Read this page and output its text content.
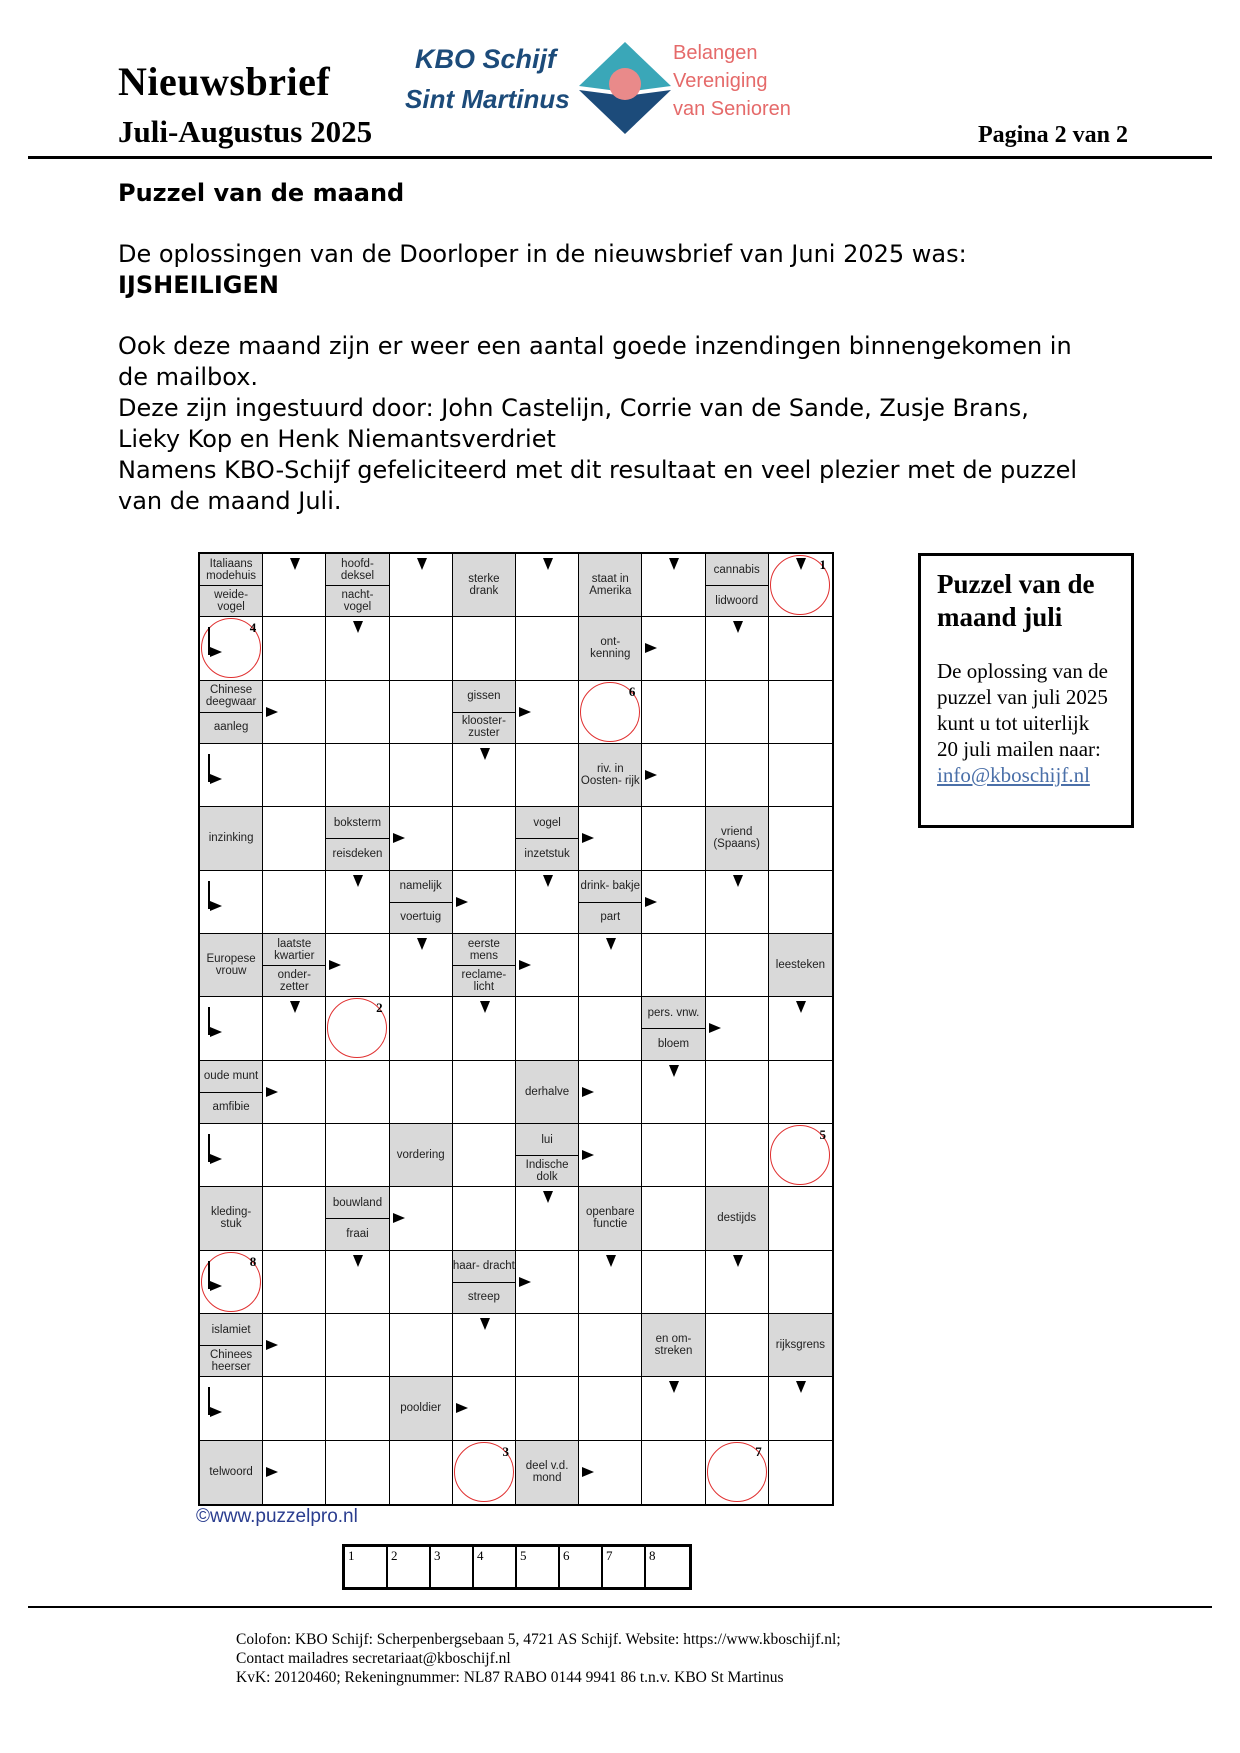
Nieuwsbrief
Juli-Augustus 2025
KBO Schijf
Sint Martinus
Belangen
Vereniging
van Senioren
Pagina 2 van 2
Puzzel van de maand
De oplossingen van de Doorloper in de nieuwsbrief van Juni 2025 was:
IJSHEILIGEN
Ook deze maand zijn er weer een aantal goede inzendingen binnengekomen in
de mailbox.
Deze zijn ingestuurd door: John Castelijn, Corrie van de Sande, Zusje Brans,
Lieky Kop en Henk Niemantsverdriet
Namens KBO-Schijf gefeliciteerd met dit resultaat en veel plezier met de puzzel
van de maand Juli.
Italiaans modehuis
weide- vogel
hoofd- deksel
nacht- vogel
sterke drank
staat in Amerika
cannabis
lidwoord
1
4
ont- kenning
Chinese deegwaar
aanleg
gissen
klooster- zuster
6
riv. in Oosten- rijk
inzinking
boksterm
reisdeken
vogel
inzetstuk
vriend (Spaans)
namelijk
voertuig
drink- bakje
part
Europese vrouw
laatste kwartier
onder- zetter
eerste mens
reclame- licht
leesteken
2	pers. vnw.
bloem
oude munt
amfibie
derhalve
vordering
lui
Indische dolk
5
kleding- stuk
bouwland
fraai
openbare functie	destijds
8	haar- dracht
streep
islamiet
Chinees heerser
en om- streken	rijksgrens
pooldier
telwoord
3
deel v.d. mond
7
©www.puzzelpro.nl
1	2	3	4	5	6	7	8
Puzzel van de maand juli
De oplossing van de puzzel van juli 2025 kunt u tot uiterlijk 20 juli mailen naar:
info@kboschijf.nl
Colofon: KBO Schijf: Scherpenbergsebaan 5, 4721 AS Schijf. Website: https://www.kboschijf.nl;
Contact mailadres secretariaat@kboschijf.nl
KvK: 20120460; Rekeningnummer: NL87 RABO 0144 9941 86 t.n.v. KBO St Martinus
